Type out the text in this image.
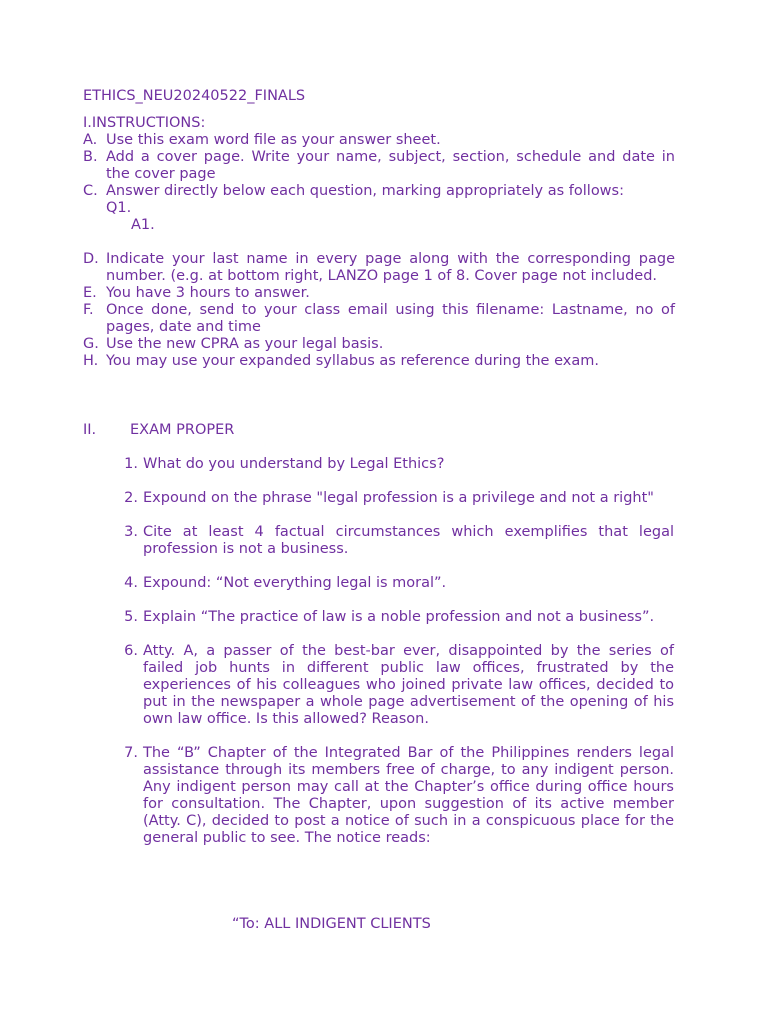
ETHICS_NEU20240522_FINALS
I.INSTRUCTIONS:
A. Use this exam word file as your answer sheet.
B. Add a cover page. Write your name, subject, section, schedule and date in the cover page
C. Answer directly below each question, marking appropriately as follows:
Q1.
A1.
D. Indicate your last name in every page along with the corresponding page number. (e.g. at bottom right, LANZO page 1 of 8. Cover page not included.
E. You have 3 hours to answer.
F. Once done, send to your class email using this filename: Lastname, no of pages, date and time
G. Use the new CPRA as your legal basis.
H. You may use your expanded syllabus as reference during the exam.
II. EXAM PROPER
1. What do you understand by Legal Ethics?
2. Expound on the phrase "legal profession is a privilege and not a right"
3. Cite at least 4 factual circumstances which exemplifies that legal profession is not a business.
4. Expound: “Not everything legal is moral”.
5. Explain “The practice of law is a noble profession and not a business”.
6. Atty. A, a passer of the best-bar ever, disappointed by the series of failed job hunts in different public law offices, frustrated by the experiences of his colleagues who joined private law offices, decided to put in the newspaper a whole page advertisement of the opening of his own law office. Is this allowed? Reason.
7. The “B” Chapter of the Integrated Bar of the Philippines renders legal assistance through its members free of charge, to any indigent person. Any indigent person may call at the Chapter’s office during office hours for consultation. The Chapter, upon suggestion of its active member (Atty. C), decided to post a notice of such in a conspicuous place for the general public to see. The notice reads:
“To: ALL INDIGENT CLIENTS
